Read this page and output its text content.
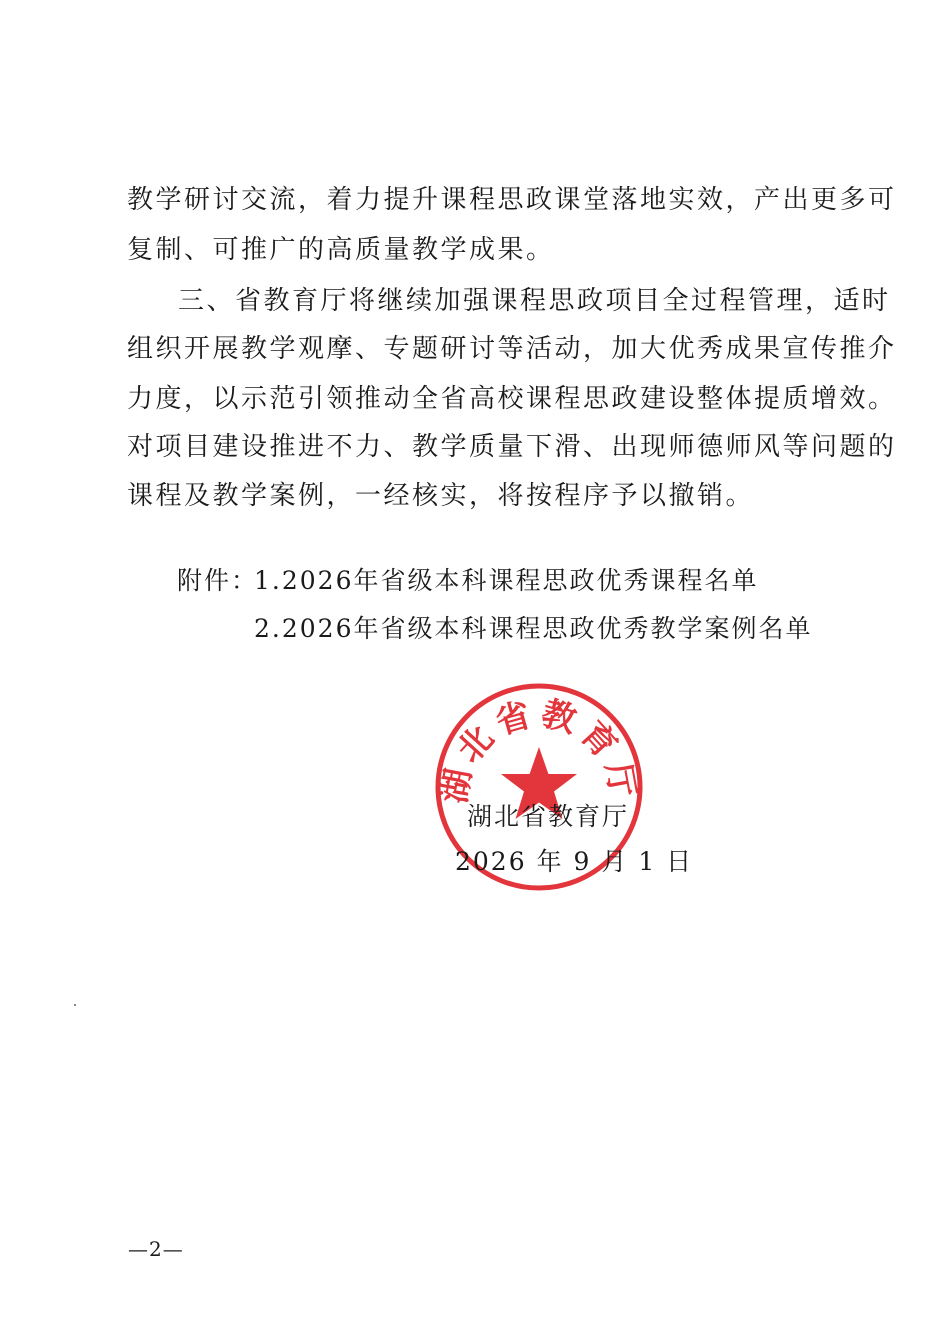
教学研讨交流，着力提升课程思政课堂落地实效，产出更多可
复制、可推广的高质量教学成果。
三、省教育厅将继续加强课程思政项目全过程管理，适时
组织开展教学观摩、专题研讨等活动，加大优秀成果宣传推介
力度，以示范引领推动全省高校课程思政建设整体提质增效。
对项目建设推进不力、教学质量下滑、出现师德师风等问题的
课程及教学案例，一经核实，将按程序予以撤销。
附件：
1.2026年省级本科课程思政优秀课程名单
2.2026年省级本科课程思政优秀教学案例名单
湖北省教育厅
湖北省教育厅
2026 年 9 月 1 日
—2—
